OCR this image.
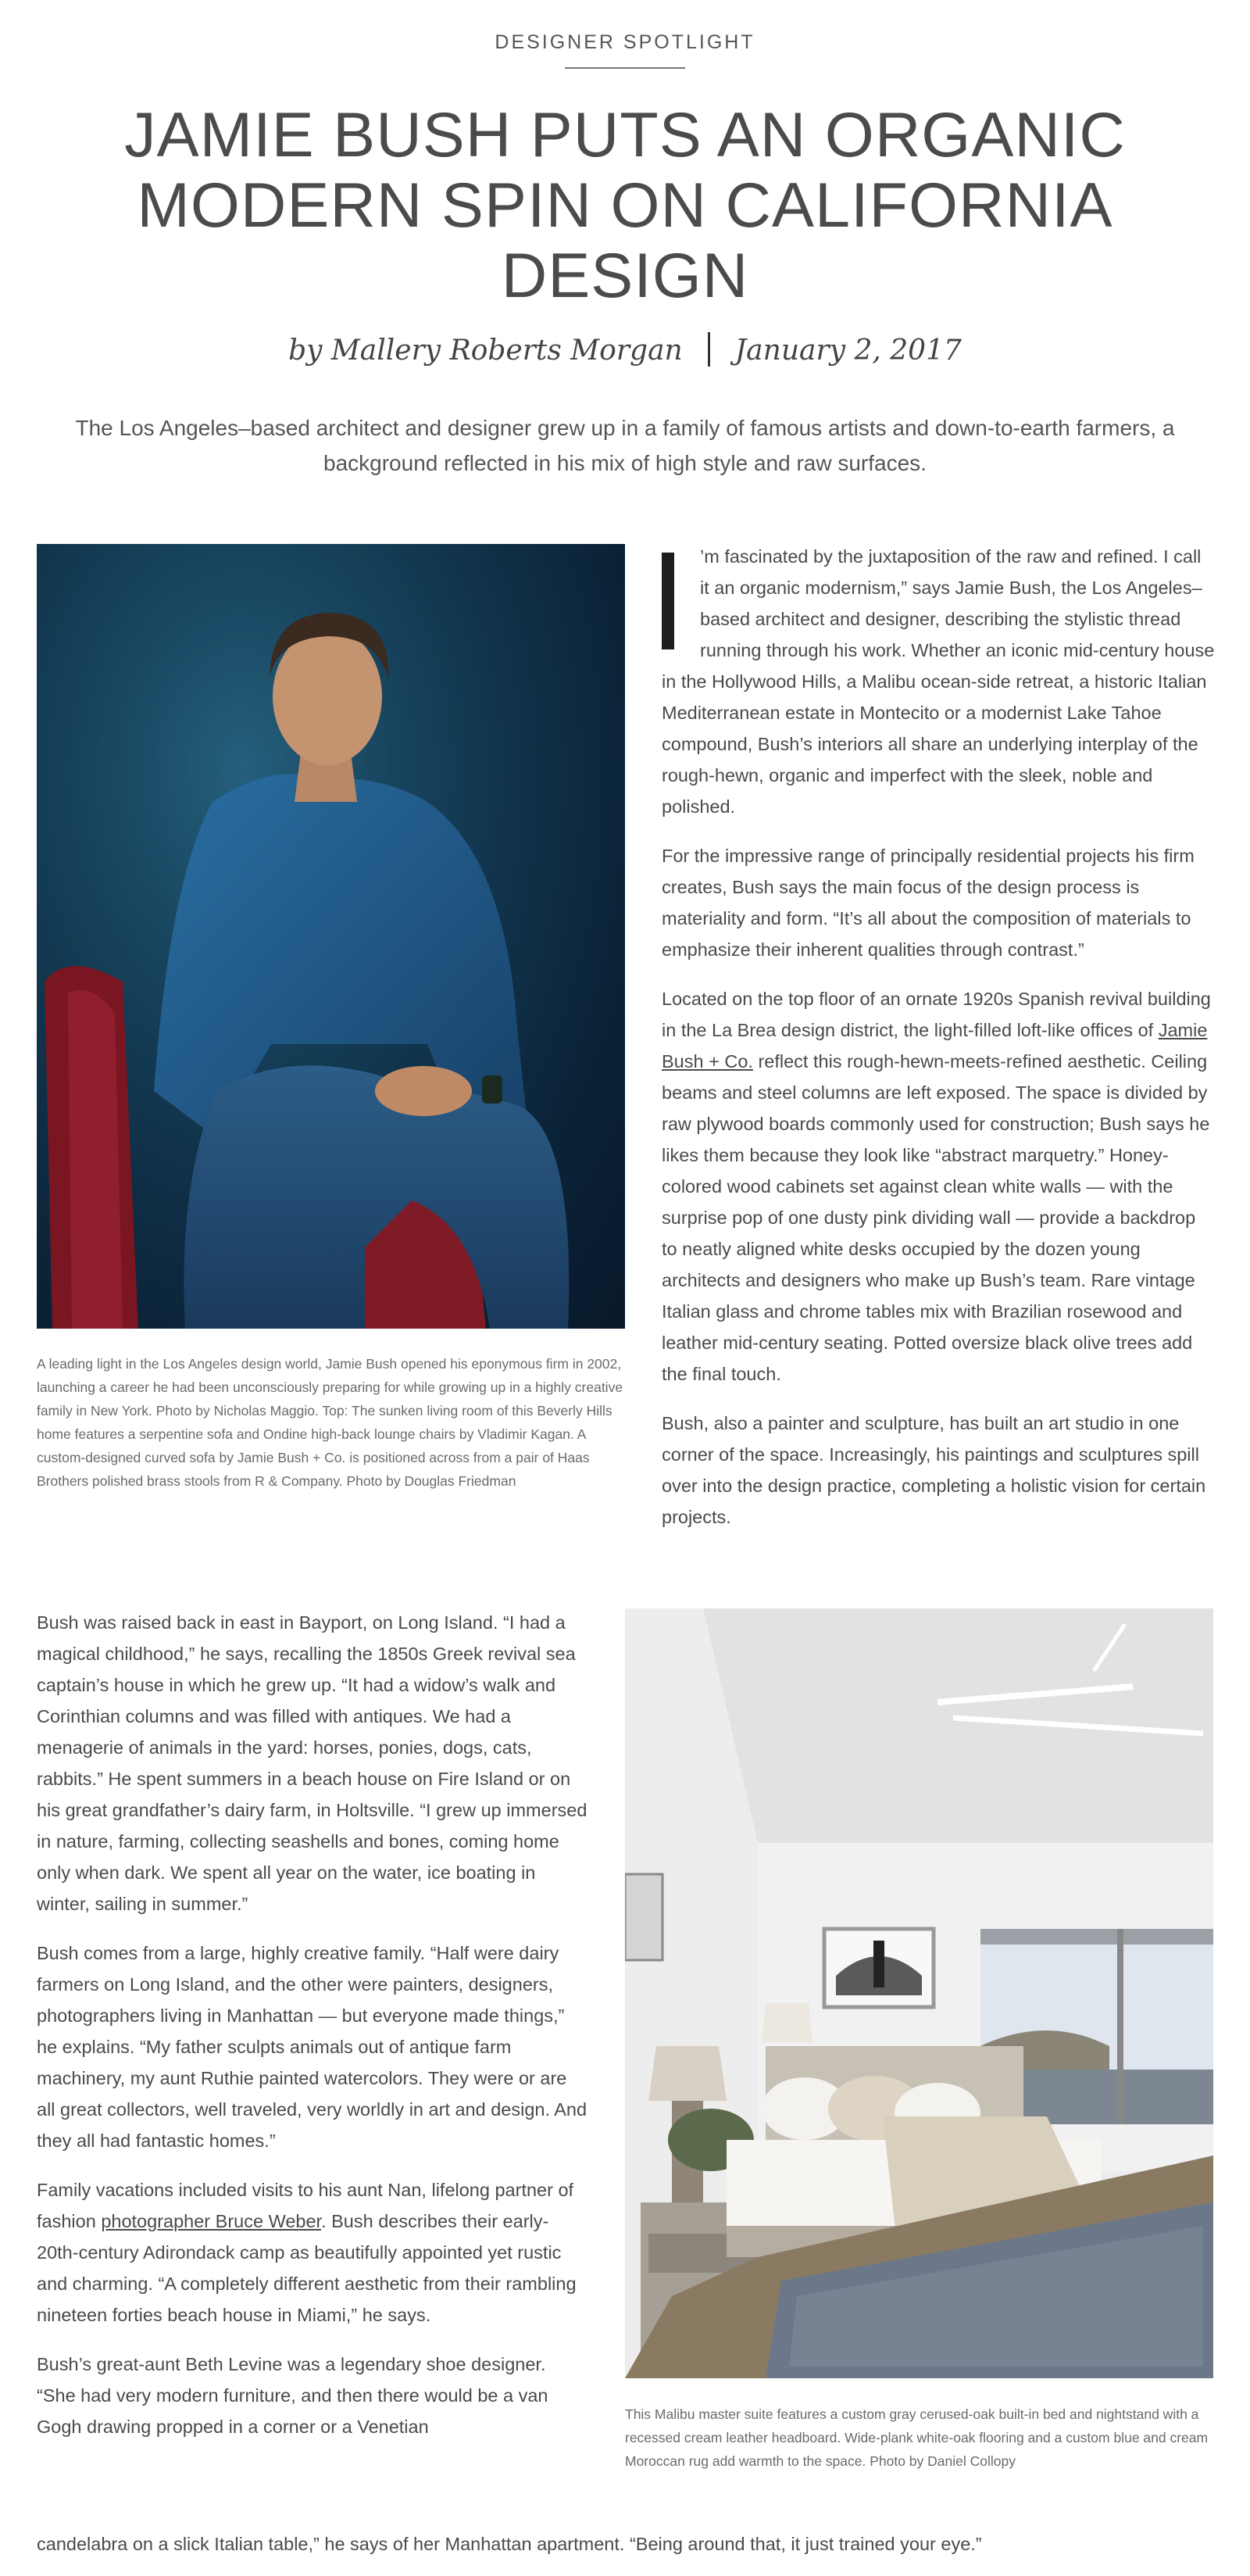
DESIGNER SPOTLIGHT
JAMIE BUSH PUTS AN ORGANIC MODERN SPIN ON CALIFORNIA DESIGN
by Mallery Roberts Morgan January 2, 2017
The Los Angeles–based architect and designer grew up in a family of famous artists and down-to-earth farmers, a background reflected in his mix of high style and raw surfaces.
A leading light in the Los Angeles design world, Jamie Bush opened his eponymous firm in 2002, launching a career he had been unconsciously preparing for while growing up in a highly creative family in New York. Photo by Nicholas Maggio. Top: The sunken living room of this Beverly Hills home features a serpentine sofa and Ondine high-back lounge chairs by Vladimir Kagan. A custom-designed curved sofa by Jamie Bush + Co. is positioned across from a pair of Haas Brothers polished brass stools from R & Company. Photo by Douglas Friedman

’m fascinated by the juxtaposition of the raw and refined. I call it an organic modernism,” says Jamie Bush, the Los Angeles–based architect and designer, describing the stylistic thread running through his work. Whether an iconic mid-century house in the Hollywood Hills, a Malibu ocean-side retreat, a historic Italian Mediterranean estate in Montecito or a modernist Lake Tahoe compound, Bush’s interiors all share an underlying interplay of the rough-hewn, organic and imperfect with the sleek, noble and polished.

For the impressive range of principally residential projects his firm creates, Bush says the main focus of the design process is materiality and form. “It’s all about the composition of materials to emphasize their inherent qualities through contrast.”

Located on the top floor of an ornate 1920s Spanish revival building in the La Brea design district, the light-filled loft-like offices of Jamie Bush + Co. reflect this rough-hewn-meets-refined aesthetic. Ceiling beams and steel columns are left exposed. The space is divided by raw plywood boards commonly used for construction; Bush says he likes them because they look like “abstract marquetry.” Honey-colored wood cabinets set against clean white walls — with the surprise pop of one dusty pink dividing wall — provide a backdrop to neatly aligned white desks occupied by the dozen young architects and designers who make up Bush’s team. Rare vintage Italian glass and chrome tables mix with Brazilian rosewood and leather mid-century seating. Potted oversize black olive trees add the final touch.

Bush, also a painter and sculpture, has built an art studio in one corner of the space. Increasingly, his paintings and sculptures spill over into the design practice, completing a holistic vision for certain projects.

This Malibu master suite features a custom gray cerused-oak built-in bed and nightstand with a recessed cream leather headboard. Wide-plank white-oak flooring and a custom blue and cream Moroccan rug add warmth to the space. Photo by Daniel Collopy

Bush was raised back in east in Bayport, on Long Island. “I had a magical childhood,” he says, recalling the 1850s Greek revival sea captain’s house in which he grew up. “It had a widow’s walk and Corinthian columns and was filled with antiques. We had a menagerie of animals in the yard: horses, ponies, dogs, cats, rabbits.” He spent summers in a beach house on Fire Island or on his great grandfather’s dairy farm, in Holtsville. “I grew up immersed in nature, farming, collecting seashells and bones, coming home only when dark. We spent all year on the water, ice boating in winter, sailing in summer.”

Bush comes from a large, highly creative family. “Half were dairy farmers on Long Island, and the other were painters, designers, photographers living in Manhattan — but everyone made things,” he explains. “My father sculpts animals out of antique farm machinery, my aunt Ruthie painted watercolors. They were or are all great collectors, well traveled, very worldly in art and design. And they all had fantastic homes.”

Family vacations included visits to his aunt Nan, lifelong partner of fashion photographer Bruce Weber. Bush describes their early-20th-century Adirondack camp as beautifully appointed yet rustic and charming. “A completely different aesthetic from their rambling nineteen forties beach house in Miami,” he says.

Bush’s great-aunt Beth Levine was a legendary shoe designer. “She had very modern furniture, and then there would be a van Gogh drawing propped in a corner or a Venetian

candelabra on a slick Italian table,” he says of her Manhattan apartment. “Being around that, it just trained your eye.”
